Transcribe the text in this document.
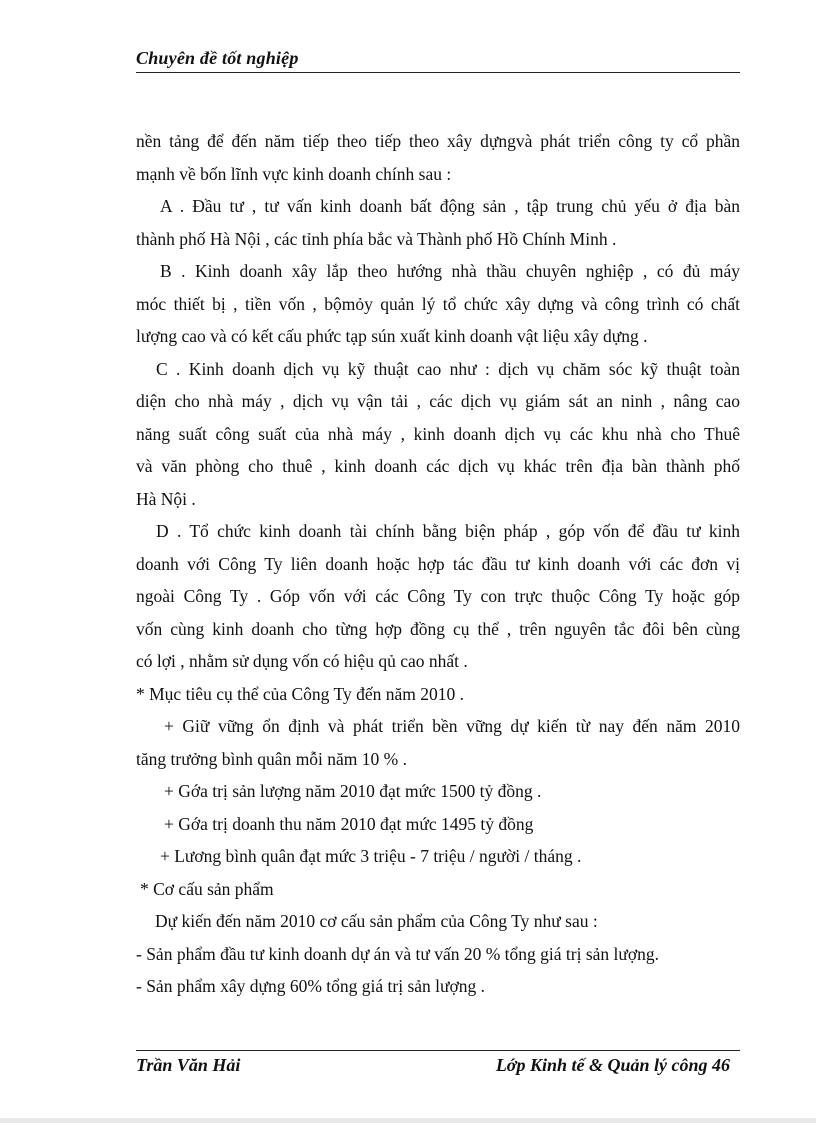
Chuyên đề tốt nghiệp
nền tảng để đến năm tiếp theo tiếp theo xây dựngvà phát triển công ty cổ phần
mạnh về bốn lĩnh vực kinh doanh chính sau :
A . Đầu tư , tư vấn kinh doanh bất động sản , tập trung chủ yếu ở địa bàn
thành phố Hà Nội , các tỉnh phía bắc và Thành phố Hồ Chính Minh .
B . Kinh doanh xây lắp theo hướng nhà thầu chuyên nghiệp , có đủ máy
móc thiết bị , tiền vốn , bộmỏy quản lý tổ chức xây dựng và công trình có chất
lượng cao và có kết cấu phức tạp sún xuất kinh doanh vật liệu xây dựng .
C . Kinh doanh dịch vụ kỹ thuật cao như : dịch vụ chăm sóc kỹ thuật toàn
diện cho nhà máy , dịch vụ vận tải , các dịch vụ giám sát an ninh , nâng cao
năng suất công suất của nhà máy , kinh doanh dịch vụ các khu nhà cho Thuê
và văn phòng cho thuê , kinh doanh các dịch vụ khác trên địa bàn thành phố
Hà Nội .
D . Tổ chức kinh doanh tài chính bằng biện pháp , góp vốn để đầu tư kinh
doanh với Công Ty liên doanh hoặc hợp tác đầu tư kinh doanh với các đơn vị
ngoài Công Ty . Góp vốn với các Công Ty con trực thuộc Công Ty hoặc góp
vốn cùng kinh doanh cho từng hợp đồng cụ thể , trên nguyên tắc đôi bên cùng
có lợi , nhằm sử dụng vốn có hiệu qủ cao nhất .
* Mục tiêu cụ thể của Công Ty đến năm 2010 .
+ Giữ vững ổn định và phát triển bền vững dự kiến từ nay đến năm 2010
tăng trưởng bình quân mỗi năm 10 % .
+ Gớa trị sản lượng năm 2010 đạt mức 1500 tỷ đồng .
+ Gớa trị doanh thu năm 2010 đạt mức 1495 tỷ đồng
+ Lương bình quân đạt mức 3 triệu - 7 triệu / người / tháng .
* Cơ cấu sản phẩm
Dự kiến đến năm 2010 cơ cấu sản phẩm của Công Ty như sau :
- Sản phẩm đầu tư kinh doanh dự án và tư vấn 20 % tổng giá trị sản lượng.
- Sản phẩm xây dựng 60% tổng giá trị sản lượng .
Trần Văn Hải	Lớp Kinh tế & Quản lý công 46
